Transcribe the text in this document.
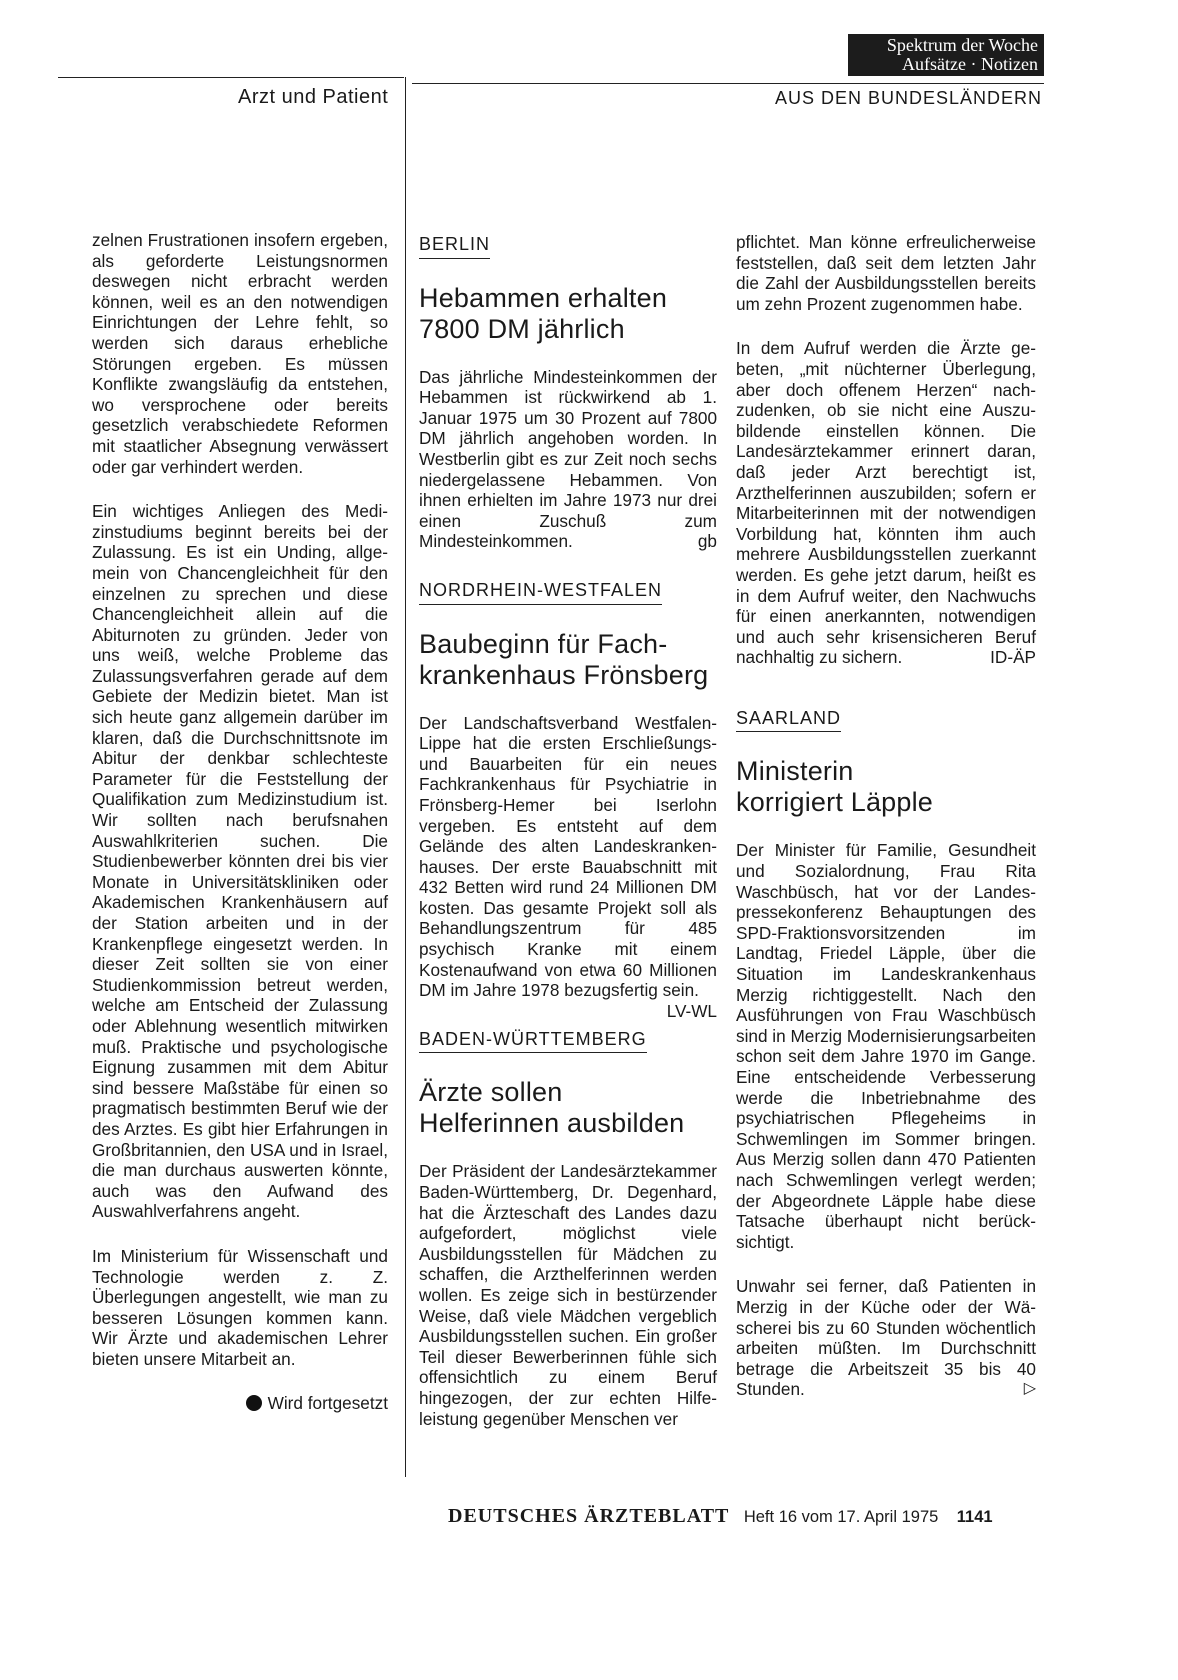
Spektrum der Woche
Aufsätze · Notizen
Arzt und Patient	AUS DEN BUNDESLÄNDERN

zelnen Frustrationen insofern ergeben, als geforderte Leistungsnormen deswegen nicht erbracht werden können, weil es an den notwendigen Einrichtungen der Lehre fehlt, so werden sich daraus erhebliche Störungen ergeben. Es müssen Konflikte zwangsläufig da entstehen, wo versprochene oder bereits gesetzlich verabschiedete Reformen mit staatlicher Absegnung verwässert oder gar verhindert werden.

Ein wichtiges Anliegen des Medizinstudiums beginnt bereits bei der Zulassung. Es ist ein Unding, allgemein von Chancengleichheit für den einzelnen zu sprechen und diese Chancengleichheit allein auf die Abiturnoten zu gründen. Jeder von uns weiß, welche Probleme das Zulassungsverfahren gerade auf dem Gebiete der Medizin bietet. Man ist sich heute ganz allgemein darüber im klaren, daß die Durchschnittsnote im Abitur der denkbar schlechteste Parameter für die Feststellung der Qualifikation zum Medizinstudium ist. Wir sollten nach berufsnahen Auswahlkriterien suchen. Die Studienbewerber könnten drei bis vier Monate in Universitätskliniken oder Akademischen Krankenhäusern auf der Station arbeiten und in der Krankenpflege eingesetzt werden. In dieser Zeit sollten sie von einer Studienkommission betreut werden, welche am Entscheid der Zulassung oder Ablehnung wesentlich mitwirken muß. Praktische und psychologische Eignung zusammen mit dem Abitur sind bessere Maßstäbe für einen so pragmatisch bestimmten Beruf wie der des Arztes. Es gibt hier Erfahrungen in Großbritannien, den USA und in Israel, die man durchaus auswerten könnte, auch was den Aufwand des Auswahlverfahrens angeht.

Im Ministerium für Wissenschaft und Technologie werden z. Z. Überlegungen angestellt, wie man zu besseren Lösungen kommen kann. Wir Ärzte und akademischen Lehrer bieten unsere Mitarbeit an.

Wird fortgesetzt
BERLIN
Hebammen erhalten
7800 DM jährlich

Das jährliche Mindesteinkommen der Hebammen ist rückwirkend ab 1. Januar 1975 um 30 Prozent auf 7800 DM jährlich angehoben worden. In Westberlin gibt es zur Zeit noch sechs niedergelassene Hebammen. Von ihnen erhielten im Jahre 1973 nur drei einen Zuschuß zum Mindesteinkommen.	gb

NORDRHEIN-WESTFALEN
Baubeginn für Fach-
krankenhaus Frönsberg

Der Landschaftsverband Westfalen-Lippe hat die ersten Erschließungs- und Bauarbeiten für ein neues Fachkrankenhaus für Psychiatrie in Frönsberg-Hemer bei Iserlohn vergeben. Es entsteht auf dem Gelände des alten Landeskrankenhauses. Der erste Bauabschnitt mit 432 Betten wird rund 24 Millionen DM kosten. Das gesamte Projekt soll als Behandlungszentrum für 485 psychisch Kranke mit einem Kostenaufwand von etwa 60 Millionen DM im Jahre 1978 bezugsfertig sein.
LV-WL

BADEN-WÜRTTEMBERG
Ärzte sollen
Helferinnen ausbilden

Der Präsident der Landesärztekammer Baden-Württemberg, Dr. Degenhard, hat die Ärzteschaft des Landes dazu aufgefordert, möglichst viele Ausbildungsstellen für Mädchen zu schaffen, die Arzthelferinnen werden wollen. Es zeige sich in bestürzender Weise, daß viele Mädchen vergeblich Ausbildungsstellen suchen. Ein großer Teil dieser Bewerberinnen fühle sich offensichtlich zu einem Beruf hingezogen, der zur echten Hilfeleistung gegenüber Menschen ver

pflichtet. Man könne erfreulicherweise feststellen, daß seit dem letzten Jahr die Zahl der Ausbildungsstellen bereits um zehn Prozent zugenommen habe.

In dem Aufruf werden die Ärzte gebeten, „mit nüchterner Überlegung, aber doch offenem Herzen“ nachzudenken, ob sie nicht eine Auszubildende einstellen können. Die Landesärztekammer erinnert daran, daß jeder Arzt berechtigt ist, Arzthelferinnen auszubilden; sofern er Mitarbeiterinnen mit der notwendigen Vorbildung hat, könnten ihm auch mehrere Ausbildungsstellen zuerkannt werden. Es gehe jetzt darum, heißt es in dem Aufruf weiter, den Nachwuchs für einen anerkannten, notwendigen und auch sehr krisensicheren Beruf nachhaltig zu sichern.	ID-ÄP

SAARLAND
Ministerin
korrigiert Läpple

Der Minister für Familie, Gesundheit und Sozialordnung, Frau Rita Waschbüsch, hat vor der Landespressekonferenz Behauptungen des SPD-Fraktionsvorsitzenden im Landtag, Friedel Läpple, über die Situation im Landeskrankenhaus Merzig richtiggestellt. Nach den Ausführungen von Frau Waschbüsch sind in Merzig Modernisierungsarbeiten schon seit dem Jahre 1970 im Gange. Eine entscheidende Verbesserung werde die Inbetriebnahme des psychiatrischen Pflegeheims in Schwemlingen im Sommer bringen. Aus Merzig sollen dann 470 Patienten nach Schwemlingen verlegt werden; der Abgeordnete Läpple habe diese Tatsache überhaupt nicht berücksichtigt.

Unwahr sei ferner, daß Patienten in Merzig in der Küche oder der Wäscherei bis zu 60 Stunden wöchentlich arbeiten müßten. Im Durchschnitt betrage die Arbeitszeit 35 bis 40 Stunden.	▷

DEUTSCHES ÄRZTEBLATT Heft 16 vom 17. April 1975 1141
